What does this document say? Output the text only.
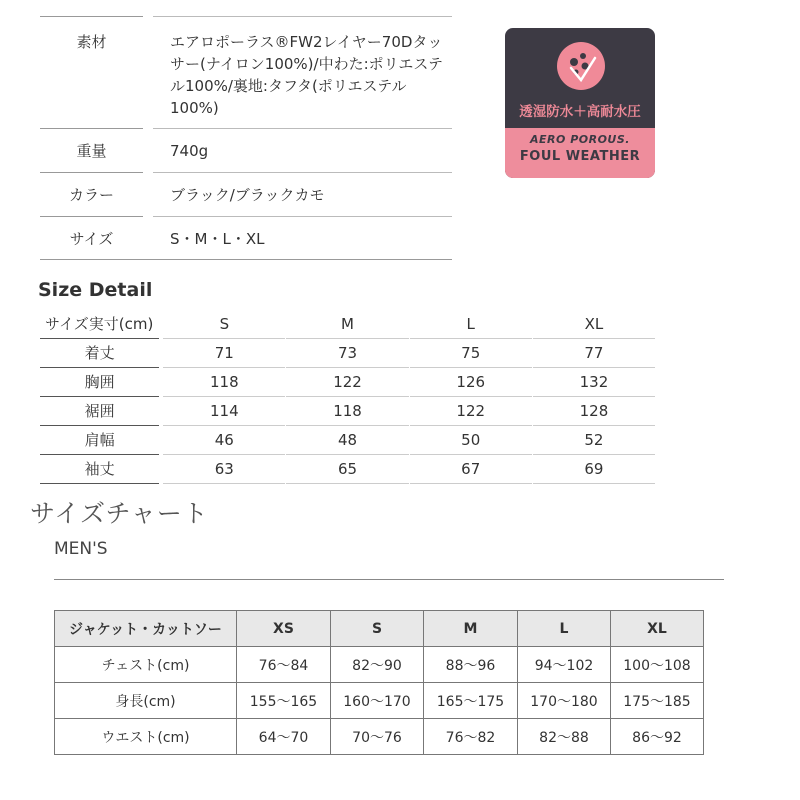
素材	エアロポーラス®FW2レイヤー70Dタッサー(ナイロン100%)/中わた:ポリエステル100%/裏地:タフタ(ポリエステル100%)
重量	740g
カラー	ブラック/ブラックカモ
サイズ	S・M・L・XL
透湿防水＋高耐水圧
AERO POROUS.
FOUL WEATHER
Size Detail
サイズ実寸(cm)	S	M	L	XL
着丈	71	73	75	77
胸囲	118	122	126	132
裾囲	114	118	122	128
肩幅	46	48	50	52
袖丈	63	65	67	69
サイズチャート
MEN'S
ジャケット・カットソー	XS	S	M	L	XL
チェスト(cm)	76〜84	82〜90	88〜96	94〜102	100〜108
身長(cm)	155〜165	160〜170	165〜175	170〜180	175〜185
ウエスト(cm)	64〜70	70〜76	76〜82	82〜88	86〜92
